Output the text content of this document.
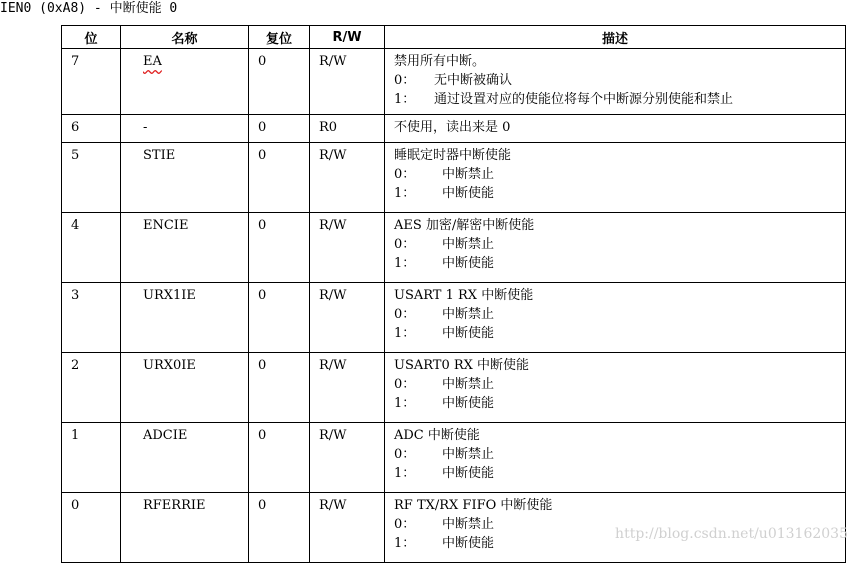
IEN0 (0xA8) - 中断使能 0
位	名称	复位	R/W	描述
7	EA	0	R/W	禁用所有中断。
0： 无中断被确认
1： 通过设置对应的使能位将每个中断源分别使能和禁止

6	-	0	R0	不使用，读出来是 0

5	STIE	0	R/W	睡眠定时器中断使能
0： 中断禁止
1： 中断使能

4	ENCIE	0	R/W	AES 加密/解密中断使能
0： 中断禁止
1： 中断使能

3	URX1IE	0	R/W	USART 1 RX 中断使能
0： 中断禁止
1： 中断使能

2	URX0IE	0	R/W	USART0 RX 中断使能
0： 中断禁止
1： 中断使能

1	ADCIE	0	R/W	ADC 中断使能
0： 中断禁止
1： 中断使能

0	RFERRIE	0	R/W	RF TX/RX FIFO 中断使能
0： 中断禁止
1： 中断使能
http://blog.csdn.net/u013162035
